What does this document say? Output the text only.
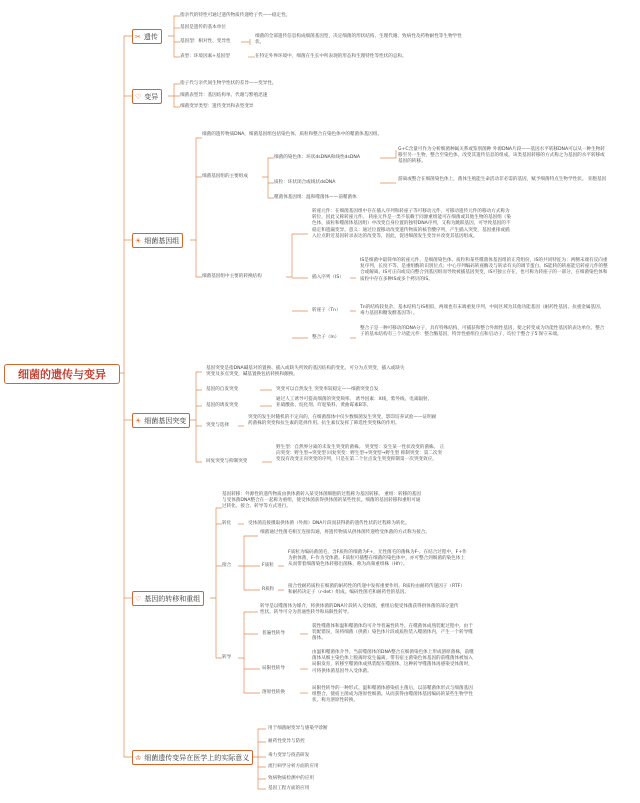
细菌的遗传与变异
✂ 遗传
♡ 变异
☀ 细菌基因组
☀ 细菌基因突变
♡ 基因的转移和重组
♔ 细菌遗传变异在医学上的实际意义
指亲代的特性可通过遗传物质传递给子代——稳定性。
基因是遗传的基本单位
基因型：相对性、变异性
细菌的全部遗传信息构成细菌基因型，决定细菌的形状结构、生理代谢、致病性及药物耐性等生物学性状。
表型：环境因素+基因型	在特定外界环境中，细菌在生长中所表现的形态和生理特性等性状的总和。
指子代与亲代间生物学性状的差异——变异性。
细菌表型异：基因结构单、代谢与繁殖迅速
细菌变异类型：遗传变异和表型变异
细菌的遗传物质DNA，细菌基因组包括染色体、质粒和整合在染色体中的噬菌体基因组。
细菌基因组的主要组成
细菌的染色体：环状dsDNA和线性dsDNA
G+C含量可作为分析细菌种属关系或鉴别菌种 外源DNA片段——基因水平转移DNA可以从一种生物转移至另一生物，整合至染色体，改变其遗传信息的组成。该类基因转移的方式称之为基因的水平转移或基因的转移。
质粒：环状闭合或线状dsDNA
游离或整合在细菌染色体上，菌体生殖能生命活动非必需的基因，赋予细菌特点生物学性状。 亚胞基因
噬菌体基因组：温和噬菌体——前噬菌体
细菌基因组中主要的转换结构
转座元件：在细菌基因组中存在插入序列和转座子等可移动元件，可移动遗传元件的移动方式称为转位，因此又称转座元件。 转座元件是一类不依赖于同源重组能可在细菌或其他生物的基因组（染色体，质粒和噬菌体基因组）中改变自身位置的独特DNA序列，又称为跳跃基因，可导致基因的不稳定和遗漏变异。意义：通过位置移动改变遗传物质的核苷酸序列，产生插入突变，基因重排或插入位点附近基因转录表达的改变等，因此，促进细菌发生变异并改变其基因组成。
插入序列（IS）
IS是细菌中最简单的转座元件，是细菌染色体、质粒和某些噬菌体基因组的正常组份，IS的共同特征为：两侧末端有反向重复序列，长度不等，是重组酶的识别位点；中心序列编码转座酶及与转录有关的调节蛋白。IS能转的转座能启转座元件的整合或解离。IS可正向或反向整合到基因组而导致被插基因突变，IS可独立存在，也可称为转座子的一部分，在细菌染色体和质粒中存在多种IS或多个拷贝的IS。
转座子（Tn）
Tn的结构较复杂，基本结构与IS相似，两端也有末端重复序列，中间区域为其他功能基因（耐药性基因、抗重金属基因、毒力基因和糖发酵基因等）。
整合子（In）
整合子是一种可移动的DNA分子，具有特殊结构，可捕获和整合外源性基因，使之转变成为功能性基因的表达单位。整合子的基本结构有三个功能元件：整合酶基因，特异性重组位点和启动子，均位于整合子5′保守末端。
基因突变是指DNA碱基对的置换、插入或缺失所致的基因结构的变化，可分为点突变，插入或缺失突变及多点突变，碱基置换包括转换和颠换。
基因的自发突变	突变可以自然发生 突变率较稳定——细菌突变自发
基因的诱发突变
通过人工诱导可提高细菌的突变频率。 诱导因素：X线，紫外线、电离辐射、亚硝酸盐、烷化剂、吖啶染料、黄曲霉素B等。
突变与选择
突变的发生时随机的不定向的，在细菌群体中仅少数细菌发生突变，影印培养试验——证明耐药菌株的突变和抗生素的选择作用。抗生素仅发挥了筛选性突变株的作用。
回复突变与抑制突变
野生型：自然界分离的未发生突变的菌株。 突变型：发生某一性状改变的菌株。 正向突变：野生型→突变型 回复突变：野生型→突变型→野生型 抑制突变：第二次突变没有改变正向突变的序列，只是在第二个位点发生突变抑制第一次突变效应。
基因转移：外源性的遗传物质由供体菌转入某受体菌细胞的过程称为基因转移。 重组：转移的基因与受体菌DNA整合在一起称为重组，使受体菌获得供体菌的某些性状。细菌的基因转移和重组可通过转化、接合、转导等方式进行。
转化	受体菌直接摄取供体菌（外源）DNA片段而获得新的遗传性状的过程称为转化。
接合
细菌通过性菌毛相互连接沟通，将遗传物质从供体菌传递给受体菌的方式称为接合。
F质粒
F质粒为编码菌菌毛，含F质粒的细菌为F+，无性菌毛的菌株为F-。在结合过程中，F+作为供体菌，F-作为受体菌。F质粒可插整在细菌的染色体中，亦可整合到细菌的染色体上从而带着细菌染色体转移出菌株，称为高频重组株（Hfr）。
R质粒
接合性耐药质粒在细菌的耐药性的传递中发挥重要作用。R质粒由耐药传递因子（RTF）和耐药决定子（r-det）组成。编码性菌毛和耐药性的基因。
转导
转导是以噬菌体为媒介，将供体菌的DNA片段转入受体菌，重组后使受体菌获得供体菌的部分遗传性状。转导可分为普通性转导和局限性转导。
普遍性转导
裂性噬菌体和温和噬菌体均可介导普遍性转导。在噬菌体成熟装配过程中，由于装配错误，误将细菌（供菌）染色体片段或质粒装入噬菌体内，产生一个转导噬菌体。
局限性转导
由温和噬菌体介导。当前噬菌体的DNA整合在细菌染色体上形成溶原菌株，前噬菌体从细主染色体上脱离时发生偏离，带有宿主菌染色体基因的前噬菌体被加入局限发育，转移至噬菌体成熟装配在噬菌体，这种转导噬菌体再感染受体菌时，可将供体菌基因导入受体菌。
溶原性转换
局限性转导的一种形式。温和噬菌体感染宿主菌后，以前噬菌体形式与细菌基因组整合，使宿主菌成为溶原性细菌。从而获得由噬菌体基因编码的某些生物学性状，称为溶原性转换。
用于细菌耐变异与感染学诊断
耐药性变异与防控
毒力变异与疫苗研发
流行病学分析方面的应用
致病物质检测中的应用
基因工程方面的应用
